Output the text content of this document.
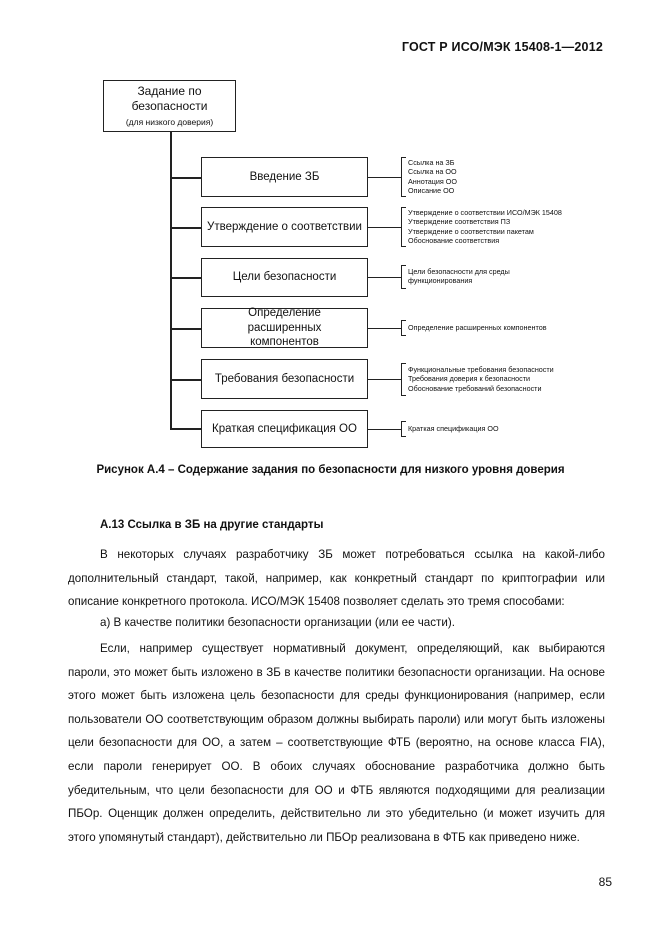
ГОСТ Р ИСО/МЭК 15408-1—2012
Задание по
безопасности
(для низкого доверия)
Введение ЗБ
Ссылка на ЗБ
Ссылка на ОО
Аннотация ОО
Описание ОО
Утверждение о соответствии
Утверждение о соответствии ИСО/МЭК 15408
Утверждение соответствия ПЗ
Утверждение о соответствии пакетам
Обоснование соответствия
Цели безопасности	Цели безопасности для среды
функционирования
Определение расширенных компонентов
Определение расширенных компонентов
Требования безопасности
Функциональные требования безопасности
Требования доверия к безопасности
Обоснование требований безопасности
Краткая спецификация ОО	Краткая спецификация ОО
Рисунок А.4 – Содержание задания по безопасности для низкого уровня доверия
А.13 Ссылка в ЗБ на другие стандарты

В некоторых случаях разработчику ЗБ может потребоваться ссылка на какой-либо дополнительный стандарт, такой, например, как конкретный стандарт по криптографии или описание конкретного протокола. ИСО/МЭК 15408 позволяет сделать это тремя способами:

а) В качестве политики безопасности организации (или ее части).

Если, например существует нормативный документ, определяющий, как выбираются пароли, это может быть изложено в ЗБ в качестве политики безопасности организации. На основе этого может быть изложена цель безопасности для среды функционирования (например, если пользователи ОО соответствующим образом должны выбирать пароли) или могут быть изложены цели безопасности для ОО, а затем – соответствующие ФТБ (вероятно, на основе класса FIA), если пароли генерирует ОО. В обоих случаях обоснование разработчика должно быть убедительным, что цели безопасности для ОО и ФТБ являются подходящими для реализации ПБОр. Оценщик должен определить, действительно ли это убедительно (и может изучить для этого упомянутый стандарт), действительно ли ПБОр реализована в ФТБ как приведено ниже.

85
